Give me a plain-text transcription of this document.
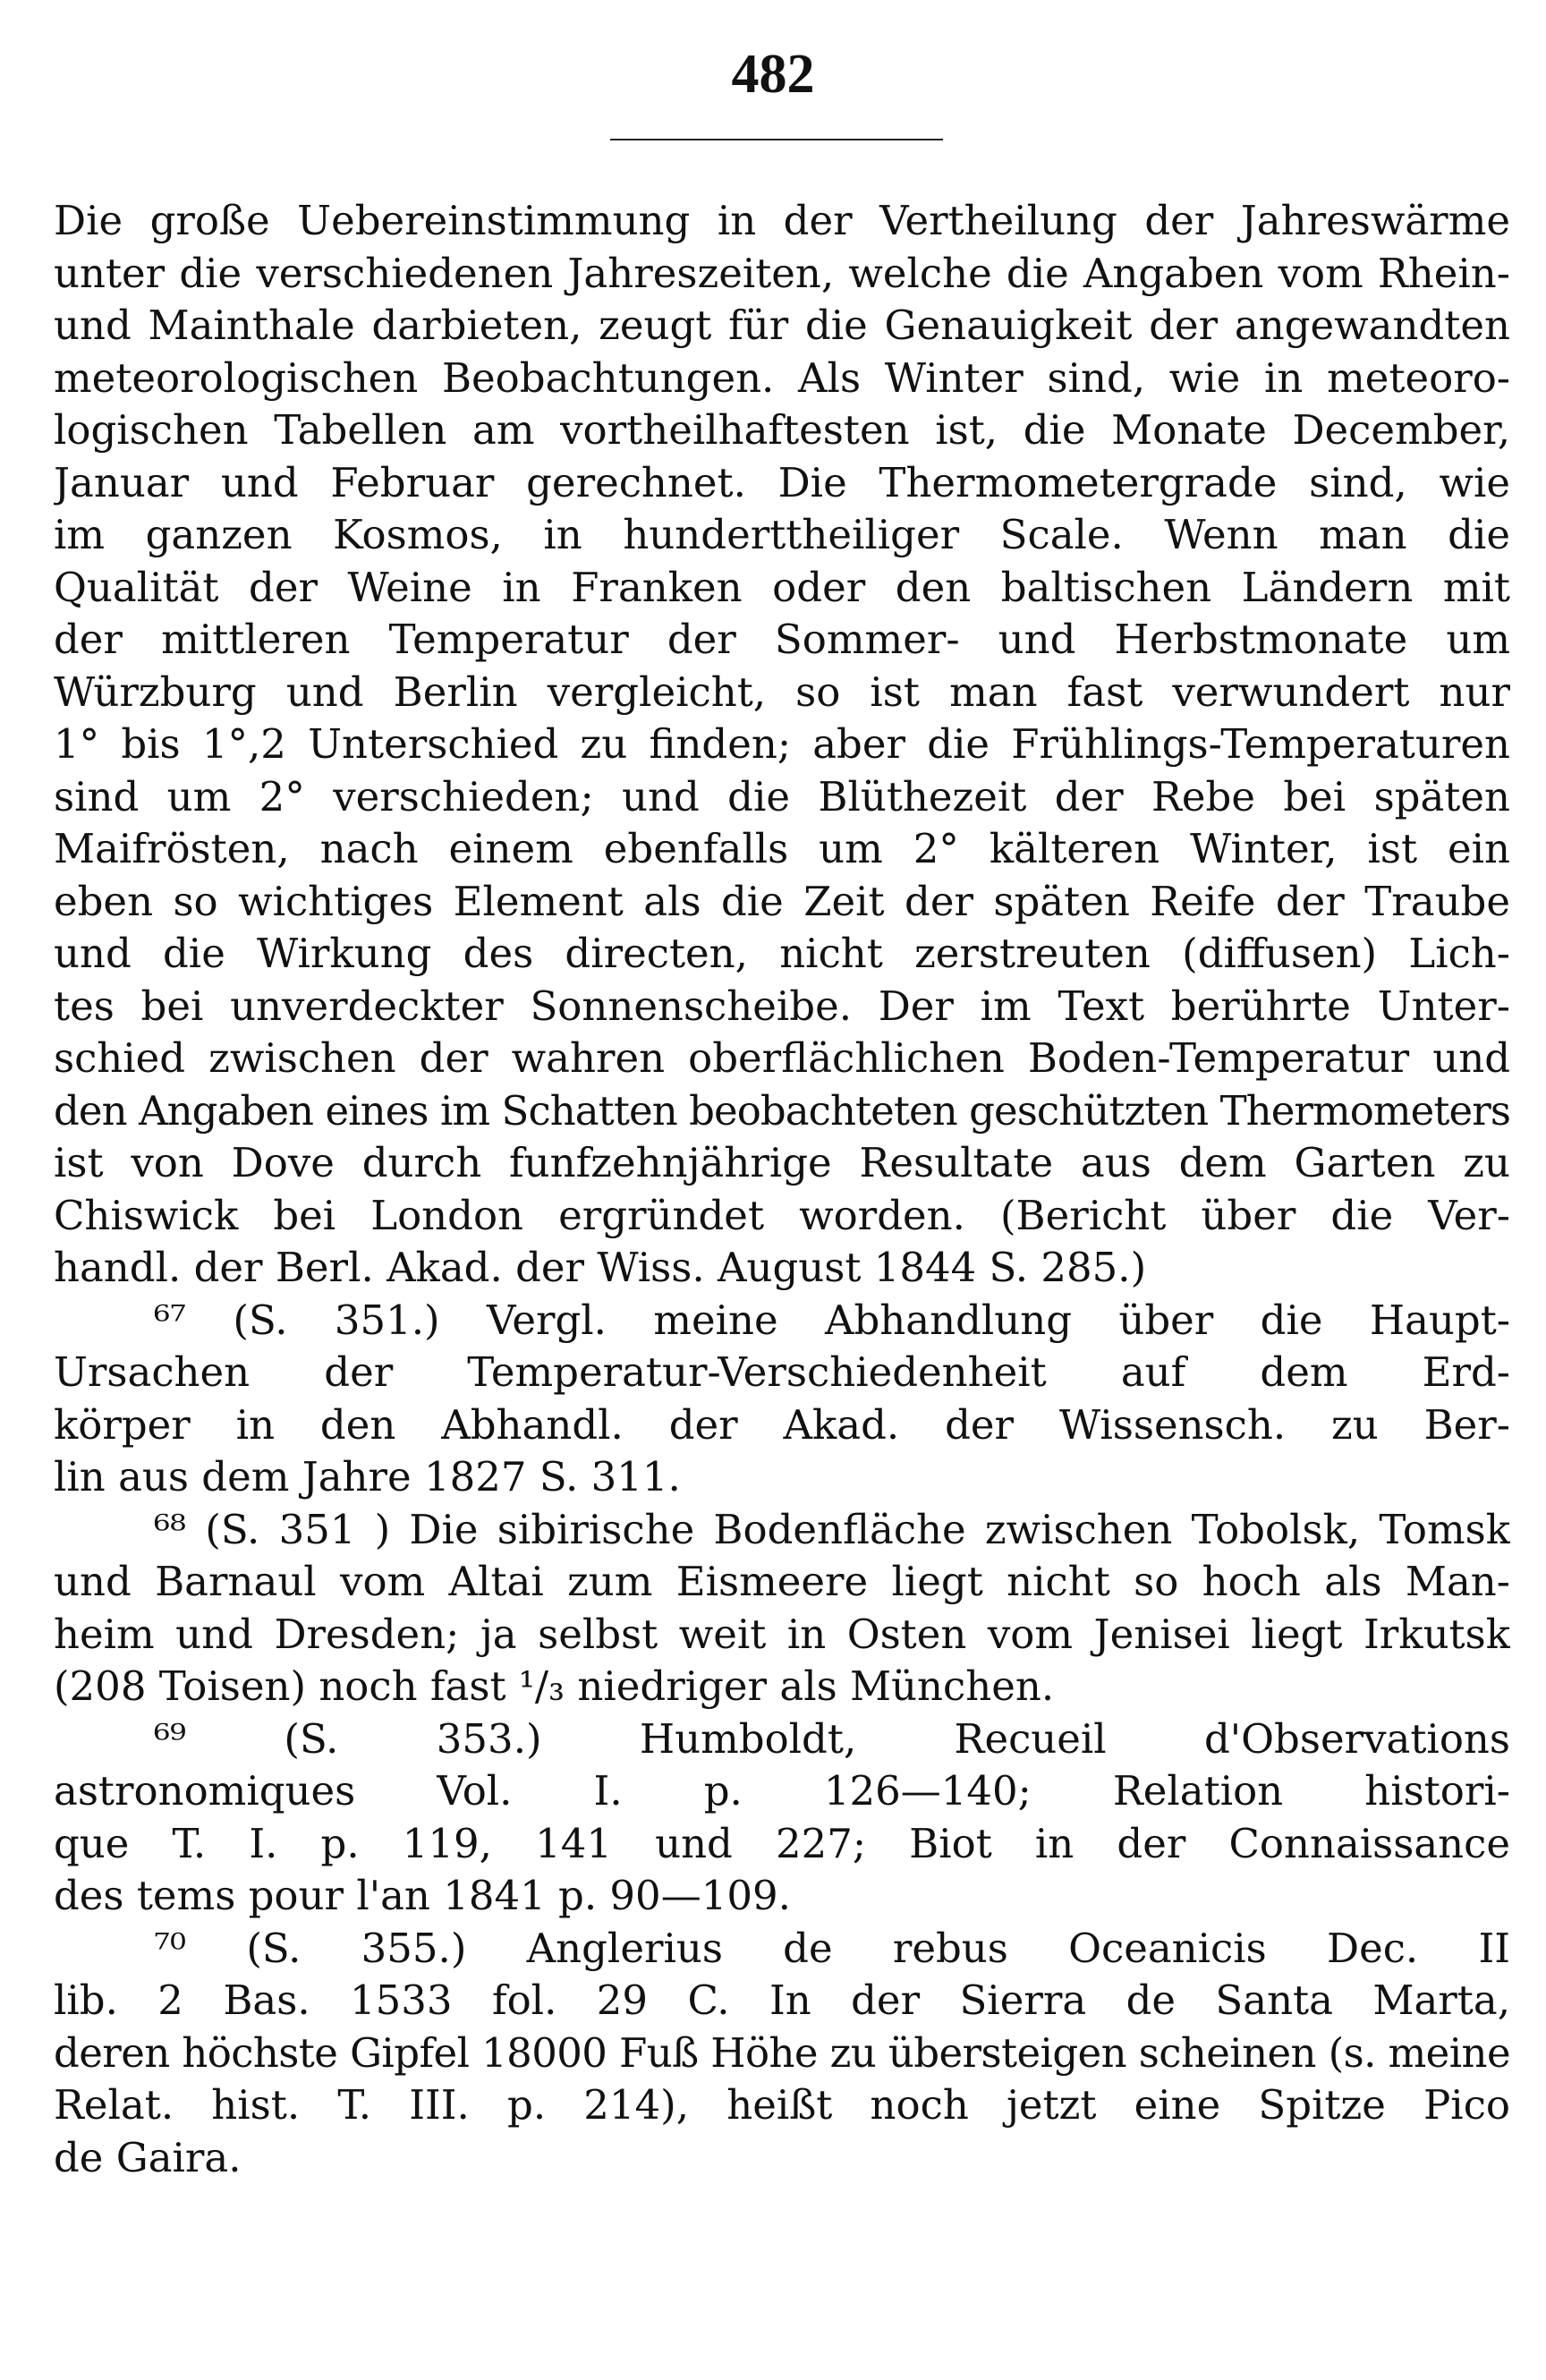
482
Die große Uebereinstimmung in der Vertheilung der Jahreswärme
unter die verschiedenen Jahreszeiten, welche die Angaben vom Rhein-
und Mainthale darbieten, zeugt für die Genauigkeit der angewandten
meteorologischen Beobachtungen. Als Winter sind, wie in meteoro-
logischen Tabellen am vortheilhaftesten ist, die Monate December,
Januar und Februar gerechnet. Die Thermometergrade sind, wie
im ganzen Kosmos, in hunderttheiliger Scale. Wenn man die
Qualität der Weine in Franken oder den baltischen Ländern mit
der mittleren Temperatur der Sommer- und Herbstmonate um
Würzburg und Berlin vergleicht, so ist man fast verwundert nur
1° bis 1°,2 Unterschied zu finden; aber die Frühlings-Temperaturen
sind um 2° verschieden; und die Blüthezeit der Rebe bei späten
Maifrösten, nach einem ebenfalls um 2° kälteren Winter, ist ein
eben so wichtiges Element als die Zeit der späten Reife der Traube
und die Wirkung des directen, nicht zerstreuten (diffusen) Lich-
tes bei unverdeckter Sonnenscheibe. Der im Text berührte Unter-
schied zwischen der wahren oberflächlichen Boden-Temperatur und
den Angaben eines im Schatten beobachteten geschützten Thermometers
ist von Dove durch funfzehnjährige Resultate aus dem Garten zu
Chiswick bei London ergründet worden. (Bericht über die Ver-
handl. der Berl. Akad. der Wiss. August 1844 S. 285.)
⁶⁷ (S. 351.) Vergl. meine Abhandlung über die Haupt-
Ursachen der Temperatur-Verschiedenheit auf dem Erd-
körper in den Abhandl. der Akad. der Wissensch. zu Ber-
lin aus dem Jahre 1827 S. 311.
⁶⁸ (S. 351 ) Die sibirische Bodenfläche zwischen Tobolsk, Tomsk
und Barnaul vom Altai zum Eismeere liegt nicht so hoch als Man-
heim und Dresden; ja selbst weit in Osten vom Jenisei liegt Irkutsk
(208 Toisen) noch fast ¹/₃ niedriger als München.
⁶⁹ (S. 353.) Humboldt, Recueil d'Observations
astronomiques Vol. I. p. 126—140; Relation histori-
que T. I. p. 119, 141 und 227; Biot in der Connaissance
des tems pour l'an 1841 p. 90—109.
⁷⁰ (S. 355.) Anglerius de rebus Oceanicis Dec. II
lib. 2 Bas. 1533 fol. 29 C. In der Sierra de Santa Marta,
deren höchste Gipfel 18000 Fuß Höhe zu übersteigen scheinen (s. meine
Relat. hist. T. III. p. 214), heißt noch jetzt eine Spitze Pico
de Gaira.
